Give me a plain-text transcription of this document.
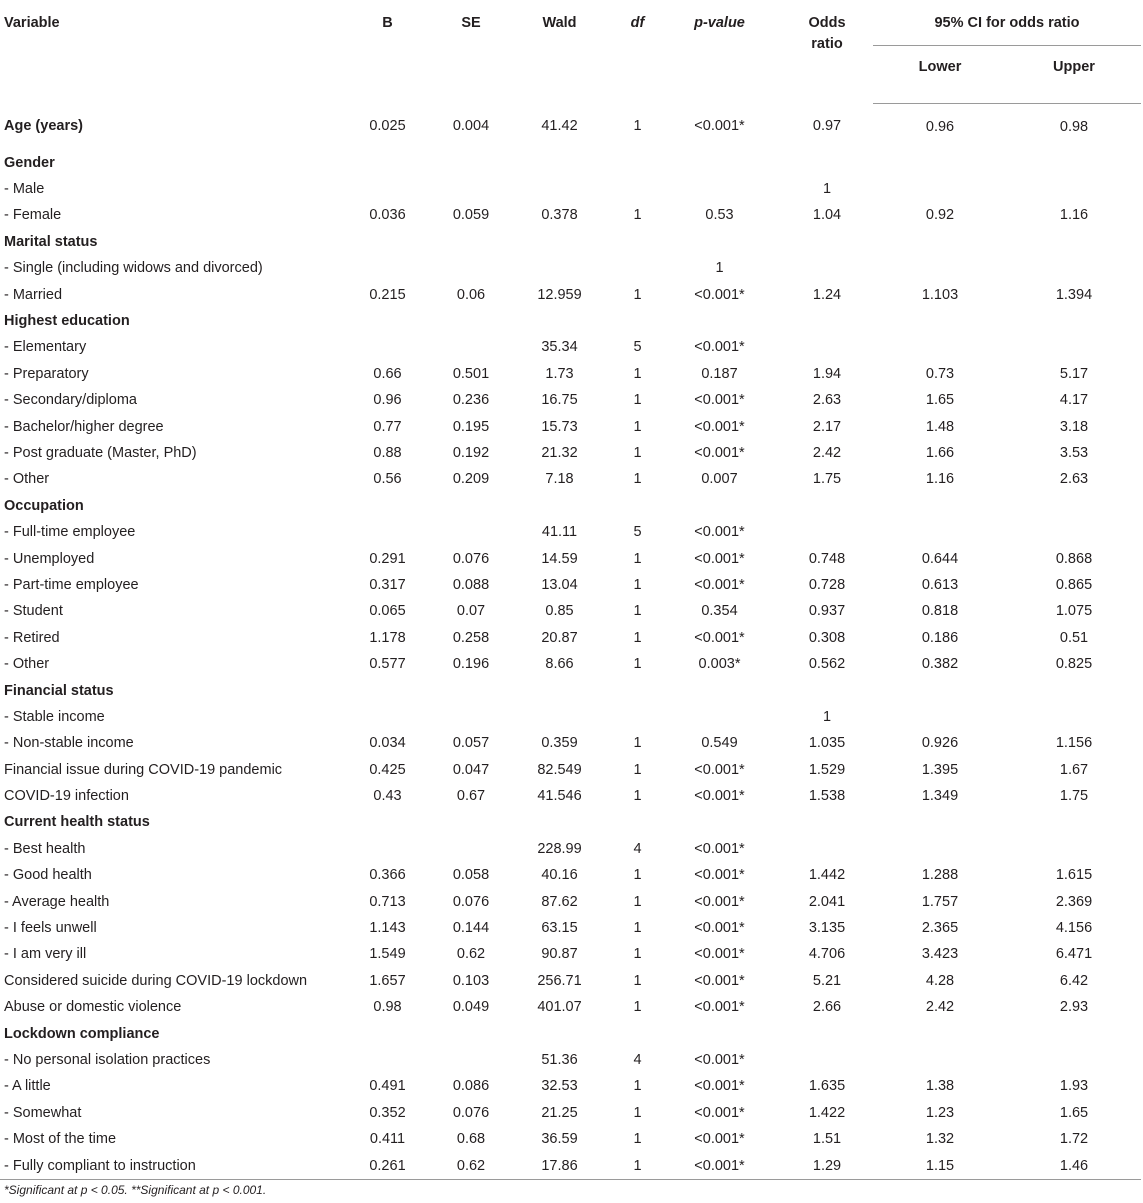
Variable	B	SE	Wald	df	p-value	Odds
ratio	95% CI for odds ratio	
							Lower	Upper
Age (years)	0.025	0.004	41.42	1	<0.001*	0.97	0.96	0.98
Gender								
- Male						1		
- Female	0.036	0.059	0.378	1	0.53	1.04	0.92	1.16
Marital status								
- Single (including widows and divorced)					1			
- Married	0.215	0.06	12.959	1	<0.001*	1.24	1.103	1.394
Highest education								
- Elementary			35.34	5	<0.001*			
- Preparatory	0.66	0.501	1.73	1	0.187	1.94	0.73	5.17
- Secondary/diploma	0.96	0.236	16.75	1	<0.001*	2.63	1.65	4.17
- Bachelor/higher degree	0.77	0.195	15.73	1	<0.001*	2.17	1.48	3.18
- Post graduate (Master, PhD)	0.88	0.192	21.32	1	<0.001*	2.42	1.66	3.53
- Other	0.56	0.209	7.18	1	0.007	1.75	1.16	2.63
Occupation								
- Full-time employee			41.11	5	<0.001*			
- Unemployed	0.291	0.076	14.59	1	<0.001*	0.748	0.644	0.868
- Part-time employee	0.317	0.088	13.04	1	<0.001*	0.728	0.613	0.865
- Student	0.065	0.07	0.85	1	0.354	0.937	0.818	1.075
- Retired	1.178	0.258	20.87	1	<0.001*	0.308	0.186	0.51
- Other	0.577	0.196	8.66	1	0.003*	0.562	0.382	0.825
Financial status								
- Stable income						1		
- Non-stable income	0.034	0.057	0.359	1	0.549	1.035	0.926	1.156
Financial issue during COVID-19 pandemic	0.425	0.047	82.549	1	<0.001*	1.529	1.395	1.67
COVID-19 infection	0.43	0.67	41.546	1	<0.001*	1.538	1.349	1.75
Current health status								
- Best health			228.99	4	<0.001*			
- Good health	0.366	0.058	40.16	1	<0.001*	1.442	1.288	1.615
- Average health	0.713	0.076	87.62	1	<0.001*	2.041	1.757	2.369
- I feels unwell	1.143	0.144	63.15	1	<0.001*	3.135	2.365	4.156
- I am very ill	1.549	0.62	90.87	1	<0.001*	4.706	3.423	6.471
Considered suicide during COVID-19 lockdown	1.657	0.103	256.71	1	<0.001*	5.21	4.28	6.42
Abuse or domestic violence	0.98	0.049	401.07	1	<0.001*	2.66	2.42	2.93
Lockdown compliance								
- No personal isolation practices			51.36	4	<0.001*			
- A little	0.491	0.086	32.53	1	<0.001*	1.635	1.38	1.93
- Somewhat	0.352	0.076	21.25	1	<0.001*	1.422	1.23	1.65
- Most of the time	0.411	0.68	36.59	1	<0.001*	1.51	1.32	1.72
- Fully compliant to instruction	0.261	0.62	17.86	1	<0.001*	1.29	1.15	1.46
*Significant at p < 0.05. **Significant at p < 0.001.
